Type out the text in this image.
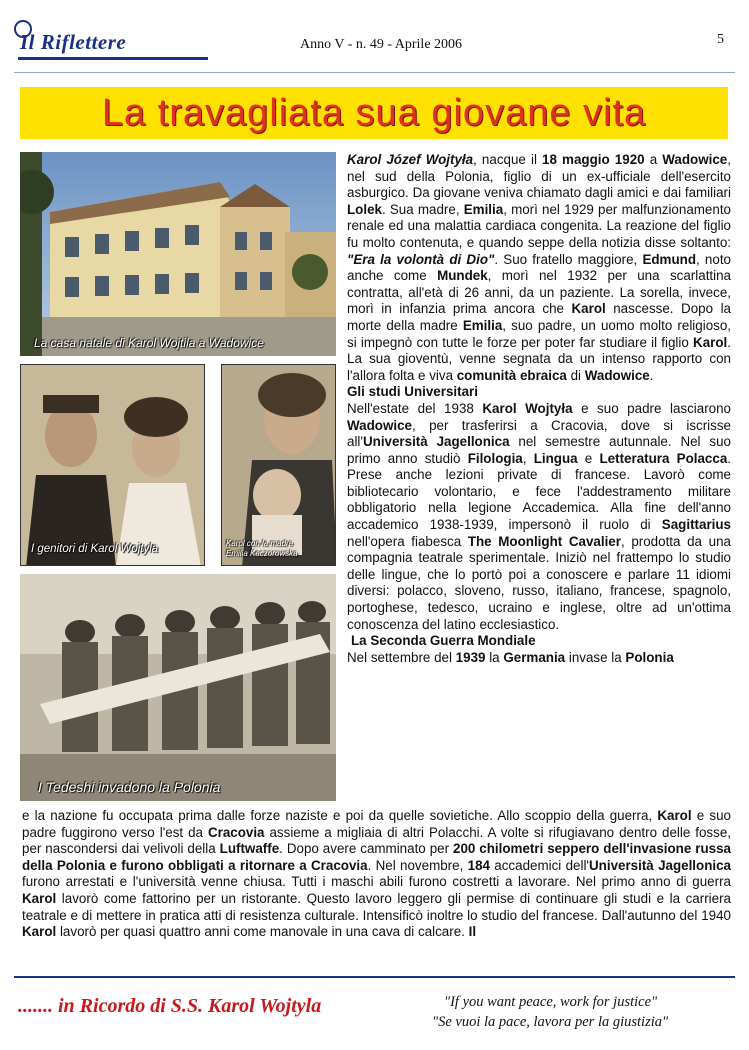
Il Riflettere	Anno V - n. 49 - Aprile 2006	5
La travagliata sua giovane vita
La casa natale di Karol Wojtila a Wadowice
I genitori di Karol Wojtyla	Karol con la madre
Emilia Kaczorowska
I Tedeshi invadono la Polonia

Karol Józef Wojtyła, nacque il 18 maggio 1920 a Wadowice, nel sud della Polonia, figlio di un ex-ufficiale dell'esercito asburgico. Da giovane veniva chiamato dagli amici e dai familiari Lolek. Sua madre, Emilia, morì nel 1929 per malfunzionamento renale ed una malattia cardiaca congenita. La reazione del figlio fu molto contenuta, e quando seppe della notizia disse soltanto: "Era la volontà di Dio". Suo fratello maggiore, Edmund, noto anche come Mundek, morì nel 1932 per una scarlattina contratta, all'età di 26 anni, da un paziente. La sorella, invece, morì in infanzia prima ancora che Karol nascesse. Dopo la morte della madre Emilia, suo padre, un uomo molto religioso, si impegnò con tutte le forze per poter far studiare il figlio Karol. La sua gioventù, venne segnata da un intenso rapporto con l'allora folta e viva comunità ebraica di Wadowice.

Gli studi Universitari

Nell'estate del 1938 Karol Wojtyła e suo padre lasciarono Wadowice, per trasferirsi a Cracovia, dove si iscrisse all'Università Jagellonica nel semestre autunnale. Nel suo primo anno studiò Filologia, Lingua e Letteratura Polacca. Prese anche lezioni private di francese. Lavorò come bibliotecario volontario, e fece l'addestramento militare obbligatorio nella legione Accademica. Alla fine dell'anno accademico 1938-1939, impersonò il ruolo di Sagittarius nell'opera fiabesca The Moonlight Cavalier, prodotta da una compagnia teatrale sperimentale. Iniziò nel frattempo lo studio delle lingue, che lo portò poi a conoscere e parlare 11 idiomi diversi: polacco, sloveno, russo, italiano, francese, spagnolo, portoghese, tedesco, ucraino e inglese, oltre ad un'ottima conoscenza del latino ecclesiastico.

La Seconda Guerra Mondiale

Nel settembre del 1939 la Germania invase la Polonia

e la nazione fu occupata prima dalle forze naziste e poi da quelle sovietiche. Allo scoppio della guerra, Karol e suo padre fuggirono verso l'est da Cracovia assieme a migliaia di altri Polacchi. A volte si rifugiavano dentro delle fosse, per nascondersi dai velivoli della Luftwaffe. Dopo avere camminato per 200 chilometri seppero dell'invasione russa della Polonia e furono obbligati a ritornare a Cracovia. Nel novembre, 184 accademici dell'Università Jagellonica furono arrestati e l'università venne chiusa. Tutti i maschi abili furono costretti a lavorare. Nel primo anno di guerra Karol lavorò come fattorino per un ristorante. Questo lavoro leggero gli permise di continuare gli studi e la carriera teatrale e di mettere in pratica atti di resistenza culturale. Intensificò inoltre lo studio del francese. Dall'autunno del 1940 Karol lavorò per quasi quattro anni come manovale in una cava di calcare. Il

....... in Ricordo di S.S. Karol Wojtyla	"If you want peace, work for justice"
"Se vuoi la pace, lavora per la giustizia"
